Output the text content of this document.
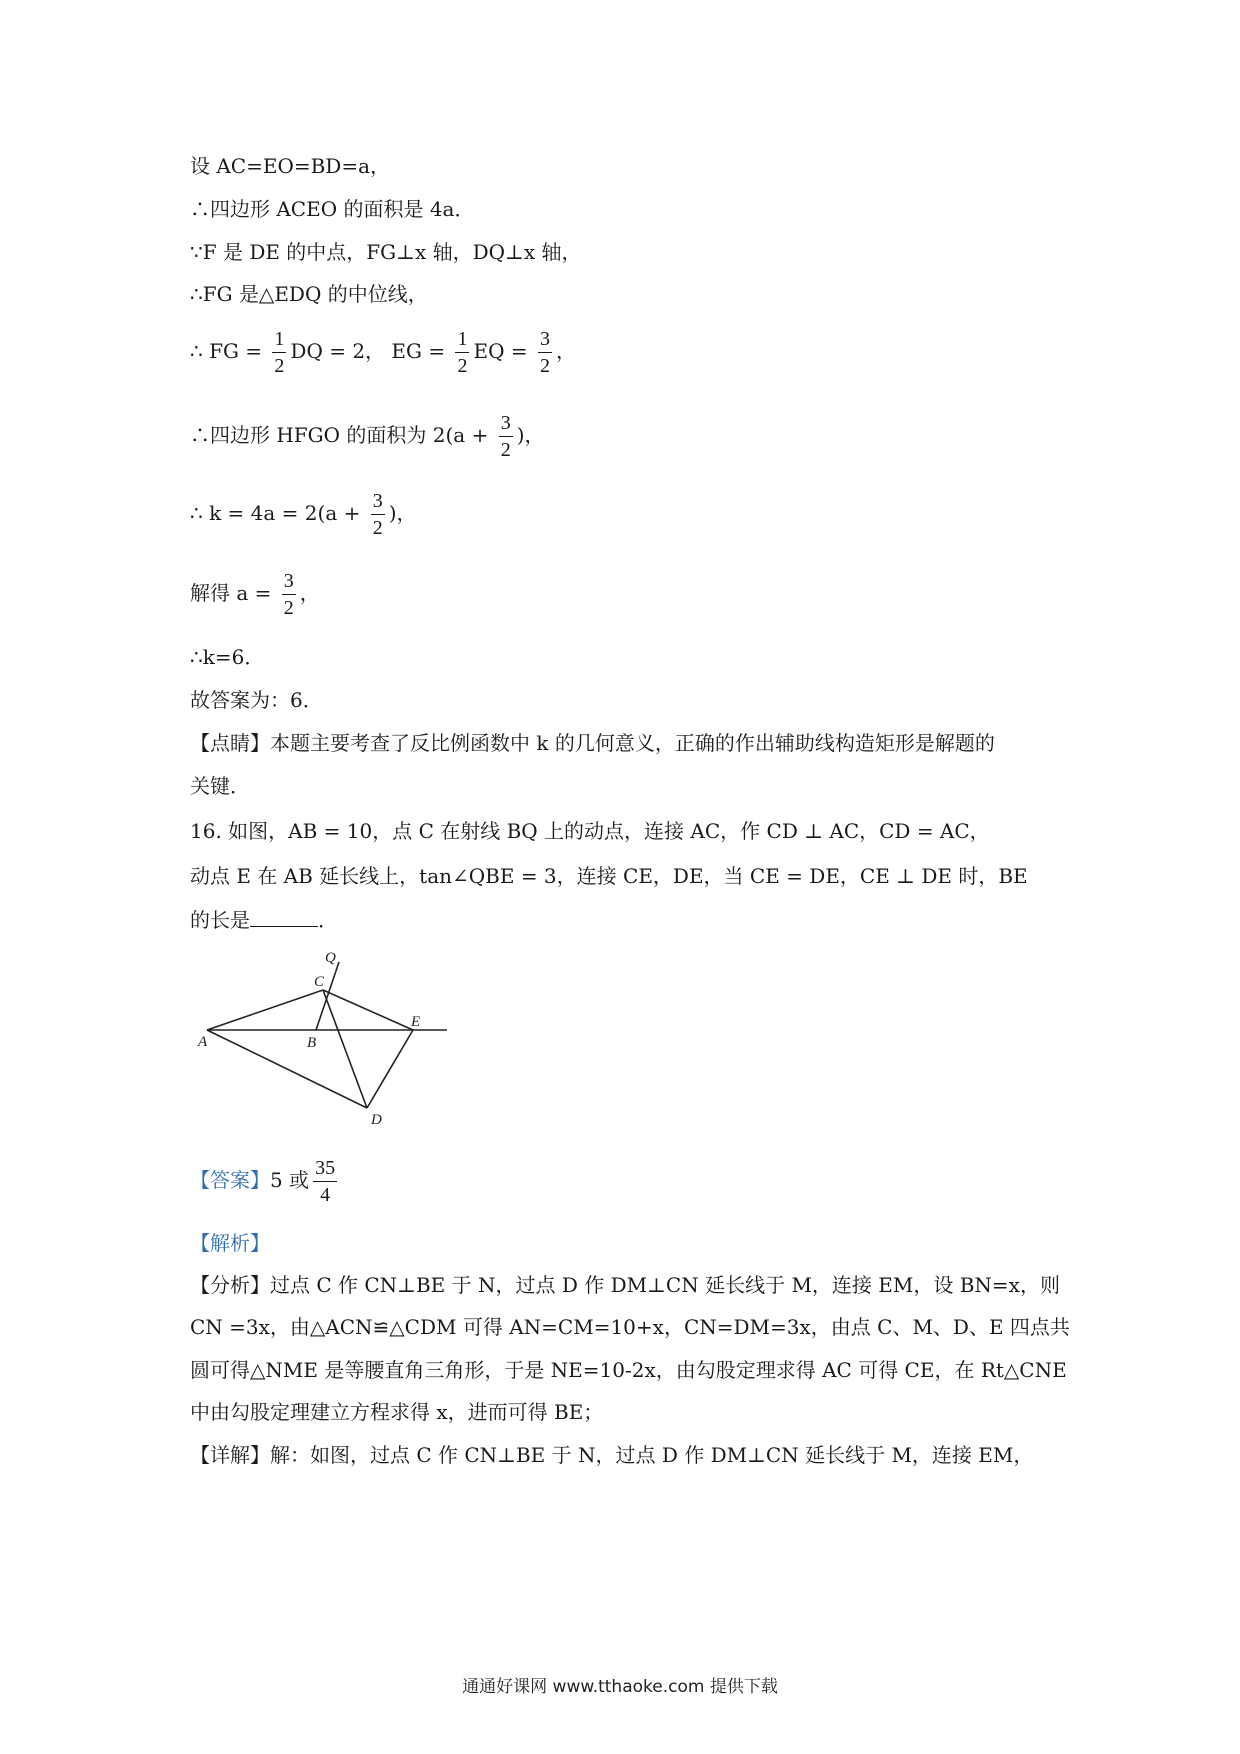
设 AC=EO=BD=a，
∴四边形 ACEO 的面积是 4a．
∵F 是 DE 的中点，FG⊥x 轴，DQ⊥x 轴，
∴FG 是△EDQ 的中位线，
∴ FG = $\frac{1}{2}$ DQ = 2， EG = $\frac{1}{2}$ EQ = $\frac{3}{2}$ ，
∴四边形 HFGO 的面积为 $2(a + \frac{3}{2}$ )，
∴ $k = 4a = 2(a + \frac{3}{2}$ )，
解得 $a = \frac{3}{2}$ ，
∴k=6．
故答案为：6．
【点睛】本题主要考查了反比例函数中 k 的几何意义，正确的作出辅助线构造矩形是解题的
关键．
16. 如图，AB = 10，点 C 在射线 BQ 上的动点，连接 AC，作 CD ⊥ AC，CD = AC，
动点 E 在 AB 延长线上，tan∠QBE = 3，连接 CE，DE，当 CE = DE，CE ⊥ DE 时，BE
的长是	．
Q
C
A	B
E
D
【答案】5 或 $\frac{35}{4}$
【解析】
【分析】过点 C 作 CN⊥BE 于 N，过点 D 作 DM⊥CN 延长线于 M，连接 EM，设 BN=x，则
CN =3x，由△ACN≌△CDM 可得 AN=CM=10+x，CN=DM=3x，由点 C、M、D、E 四点共
圆可得△NME 是等腰直角三角形，于是 NE=10-2x，由勾股定理求得 AC 可得 CE，在 Rt△CNE
中由勾股定理建立方程求得 x，进而可得 BE；
【详解】解：如图，过点 C 作 CN⊥BE 于 N，过点 D 作 DM⊥CN 延长线于 M，连接 EM，
通通好课网 www.tthaoke.com 提供下载
